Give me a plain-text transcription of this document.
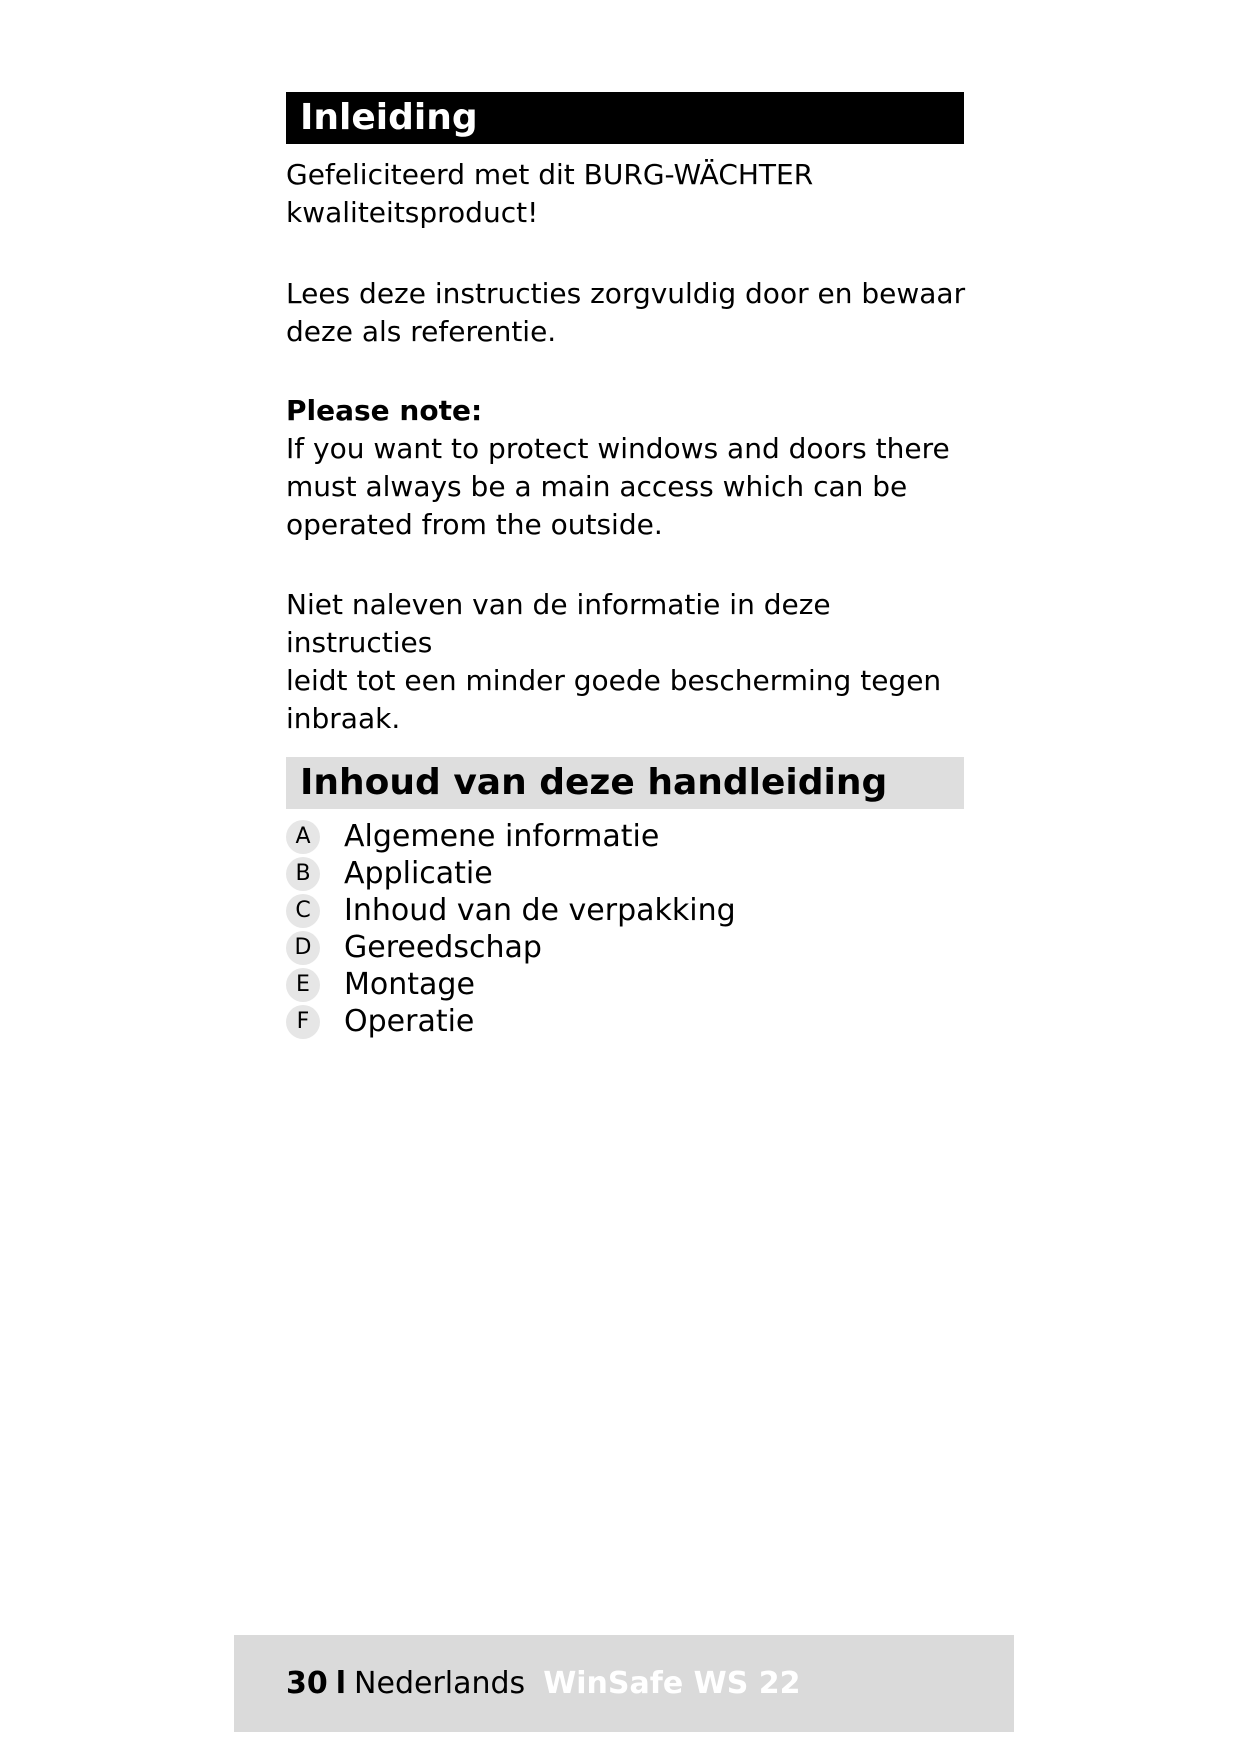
Inleiding
Gefeliciteerd met dit BURG-WÄCHTER
kwaliteitsproduct!
Lees deze instructies zorgvuldig door en bewaar
deze als referentie.
Please note:
If you want to protect windows and doors there
must always be a main access which can be
operated from the outside.
Niet naleven van de informatie in deze instructies
leidt tot een minder goede bescherming tegen
inbraak.
Inhoud van deze handleiding
A	Algemene informatie
B	Applicatie
C	Inhoud van de verpakking
D Gereedschap
E	Montage
F	Operatie
30 l Nederlands WinSafe WS 22
